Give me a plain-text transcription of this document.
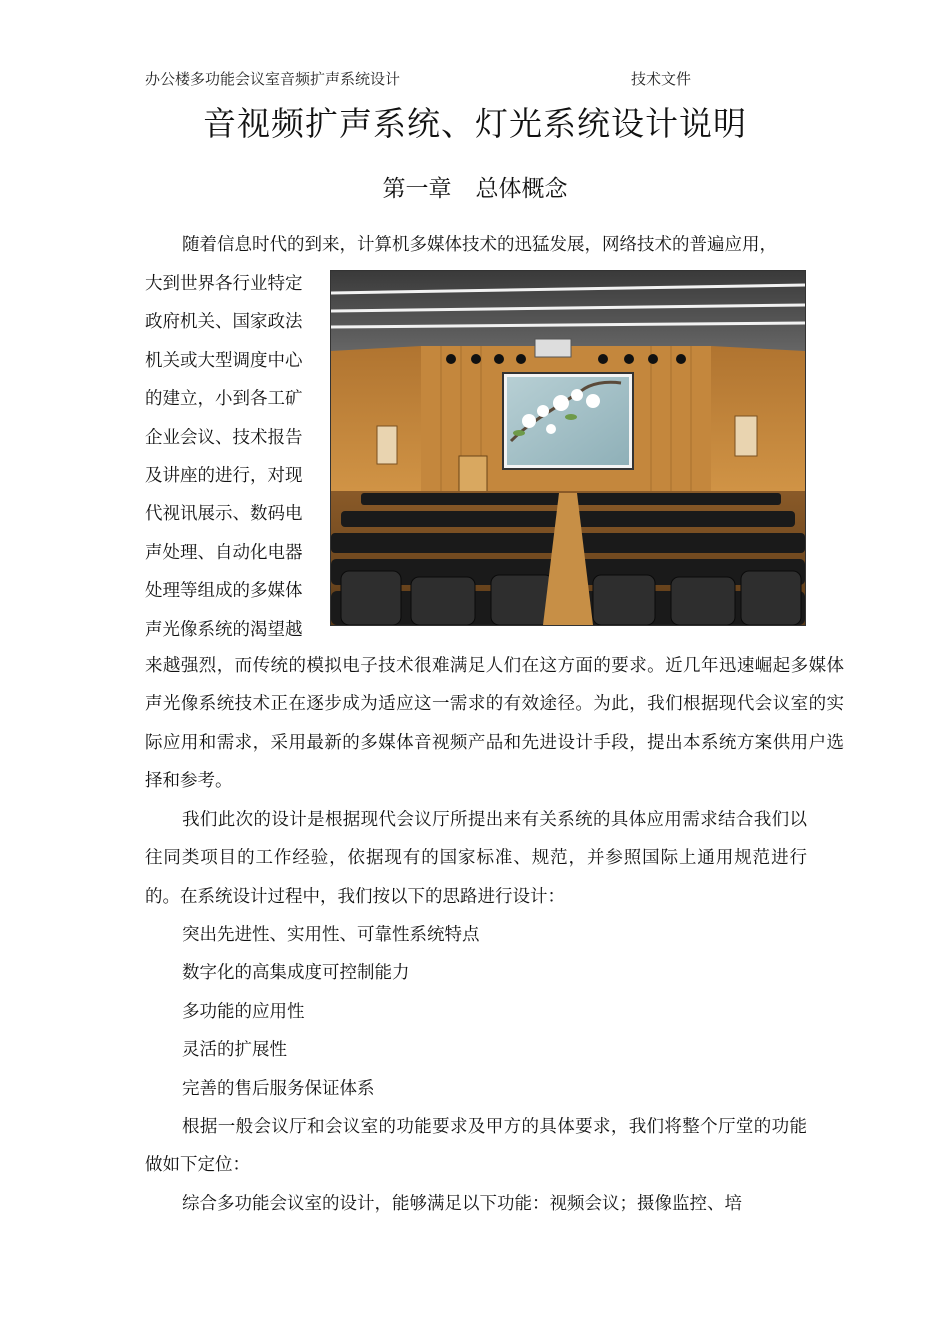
办公楼多功能会议室音频扩声系统设计	技术文件
音视频扩声系统、灯光系统设计说明
第一章 总体概念
随着信息时代的到来，计算机多媒体技术的迅猛发展，网络技术的普遍应用，
大到世界各行业特定
政府机关、国家政法
机关或大型调度中心
的建立，小到各工矿
企业会议、技术报告
及讲座的进行，对现
代视讯展示、数码电
声处理、自动化电器
处理等组成的多媒体
声光像系统的渴望越
来越强烈，而传统的模拟电子技术很难满足人们在这方面的要求。近几年迅速崛起多媒体声光像系统技术正在逐步成为适应这一需求的有效途径。为此，我们根据现代会议室的实际应用和需求，采用最新的多媒体音视频产品和先进设计手段，提出本系统方案供用户选择和参考。
我们此次的设计是根据现代会议厅所提出来有关系统的具体应用需求结合我们以往同类项目的工作经验，依据现有的国家标准、规范，并参照国际上通用规范进行的。在系统设计过程中，我们按以下的思路进行设计：
突出先进性、实用性、可靠性系统特点
数字化的高集成度可控制能力
多功能的应用性
灵活的扩展性
完善的售后服务保证体系
根据一般会议厅和会议室的功能要求及甲方的具体要求，我们将整个厅堂的功能做如下定位：
综合多功能会议室的设计，能够满足以下功能：视频会议；摄像监控、培
